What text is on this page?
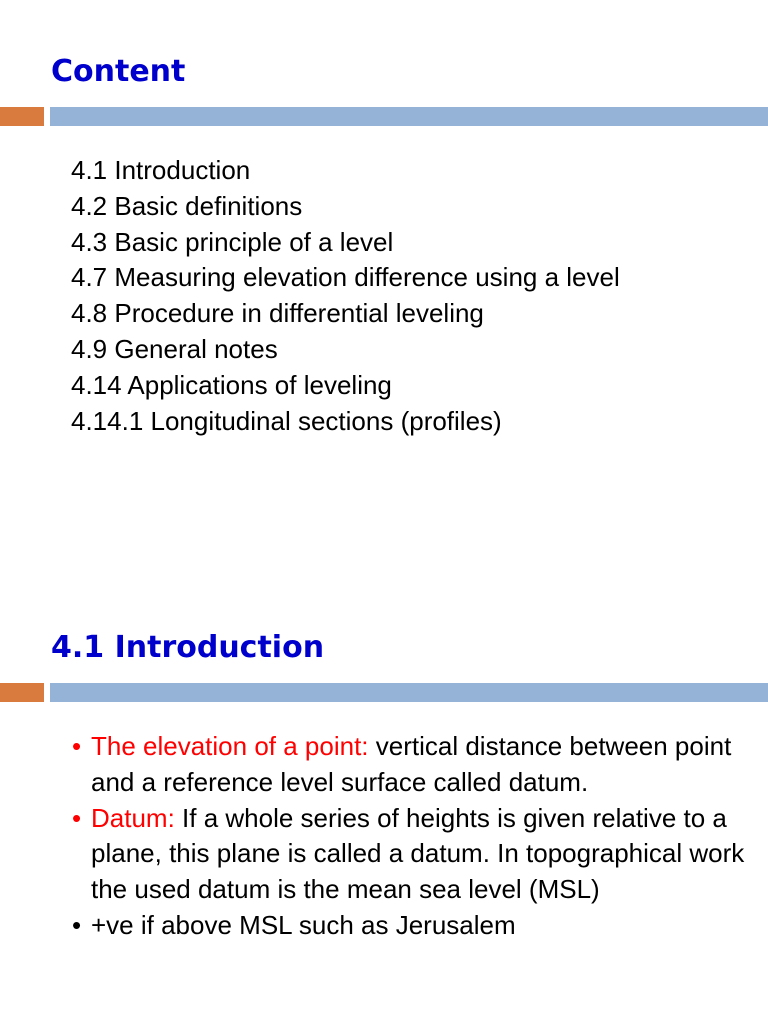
Content
4.1 Introduction
4.2 Basic definitions
4.3 Basic principle of a level
4.7 Measuring elevation difference using a level
4.8 Procedure in differential leveling
4.9 General notes
4.14 Applications of leveling
4.14.1 Longitudinal sections (profiles)
4.1 Introduction
• The elevation of a point: vertical distance between point and a reference level surface called datum.
• Datum: If a whole series of heights is given relative to a plane, this plane is called a datum. In topographical work the used datum is the mean sea level (MSL)
• +ve if above MSL such as Jerusalem
